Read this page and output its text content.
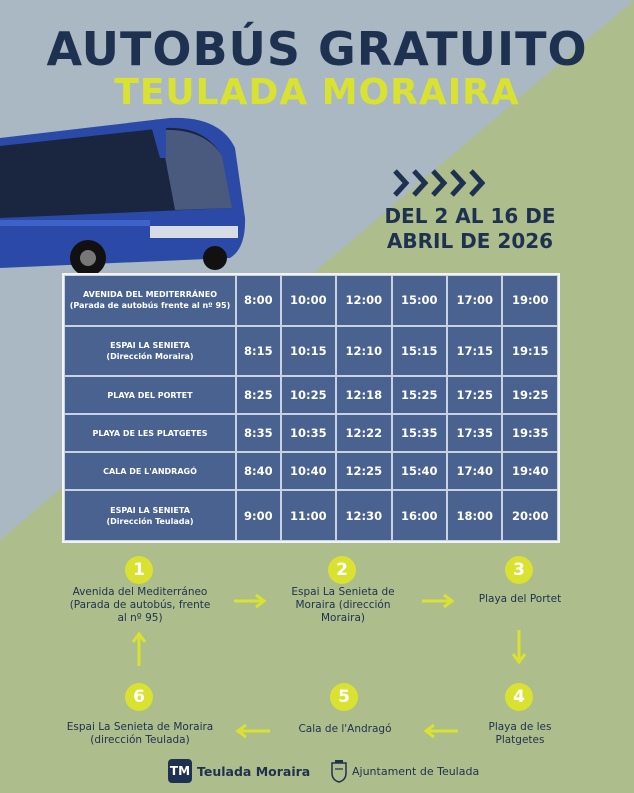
AUTOBÚS GRATUITO
TEULADA MORAIRA
DEL 2 AL 16 DE
ABRIL DE 2026
AVENIDA DEL MEDITERRÁNEO
(Parada de autobús frente al nº 95)	8:00	10:00	12:00	15:00	17:00	19:00

ESPAI LA SENIETA
(Dirección Moraira)	8:15	10:15	12:10	15:15	17:15	19:15

PLAYA DEL PORTET	8:25	10:25	12:18	15:25	17:25	19:25

PLAYA DE LES PLATGETES	8:35	10:35	12:22	15:35	17:35	19:35

CALA DE L'ANDRAGÓ	8:40	10:40	12:25	15:40	17:40	19:40

ESPAI LA SENIETA
(Dirección Teulada)	9:00	11:00	12:30	16:00	18:00	20:00
1
Avenida del Mediterráneo
(Parada de autobús, frente
al nº 95)
2
Espai La Senieta de
Moraira (dirección
Moraira)
3
Playa del Portet
4
Playa de les
Platgetes
5
Cala de l'Andragó
6
Espai La Senieta de Moraira
(dirección Teulada)
TM Teulada Moraira	Ajuntament de Teulada
